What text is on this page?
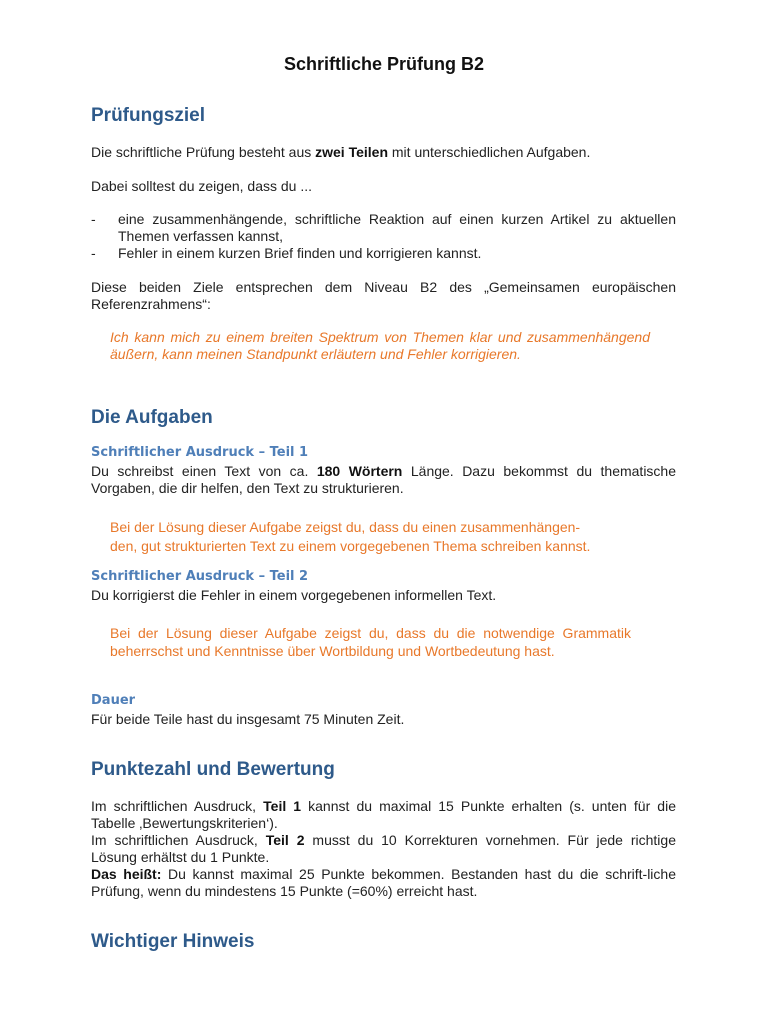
Schriftliche Prüfung B2
Prüfungsziel
Die schriftliche Prüfung besteht aus zwei Teilen mit unterschiedlichen Aufgaben.
Dabei solltest du zeigen, dass du ...
- eine zusammenhängende, schriftliche Reaktion auf einen kurzen Artikel zu aktuellen Themen verfassen kannst,
- Fehler in einem kurzen Brief finden und korrigieren kannst.
Diese beiden Ziele entsprechen dem Niveau B2 des „Gemeinsamen europäischen Referenzrahmens“:
Ich kann mich zu einem breiten Spektrum von Themen klar und zusammenhängend äußern, kann meinen Standpunkt erläutern und Fehler korrigieren.
Die Aufgaben
Schriftlicher Ausdruck – Teil 1
Du schreibst einen Text von ca. 180 Wörtern Länge. Dazu bekommst du thematische Vorgaben, die dir helfen, den Text zu strukturieren.
Bei der Lösung dieser Aufgabe zeigst du, dass du einen zusammenhängen-
den, gut strukturierten Text zu einem vorgegebenen Thema schreiben kannst.
Schriftlicher Ausdruck – Teil 2
Du korrigierst die Fehler in einem vorgegebenen informellen Text.
Bei der Lösung dieser Aufgabe zeigst du, dass du die notwendige Grammatik beherrschst und Kenntnisse über Wortbildung und Wortbedeutung hast.
Dauer
Für beide Teile hast du insgesamt 75 Minuten Zeit.
Punktezahl und Bewertung
Im schriftlichen Ausdruck, Teil 1 kannst du maximal 15 Punkte erhalten (s. unten für die Tabelle ‚Bewertungskriterien‘).
Im schriftlichen Ausdruck, Teil 2 musst du 10 Korrekturen vornehmen. Für jede richtige Lösung erhältst du 1 Punkte.
Das heißt: Du kannst maximal 25 Punkte bekommen. Bestanden hast du die schrift-liche Prüfung, wenn du mindestens 15 Punkte (=60%) erreicht hast.
Wichtiger Hinweis
